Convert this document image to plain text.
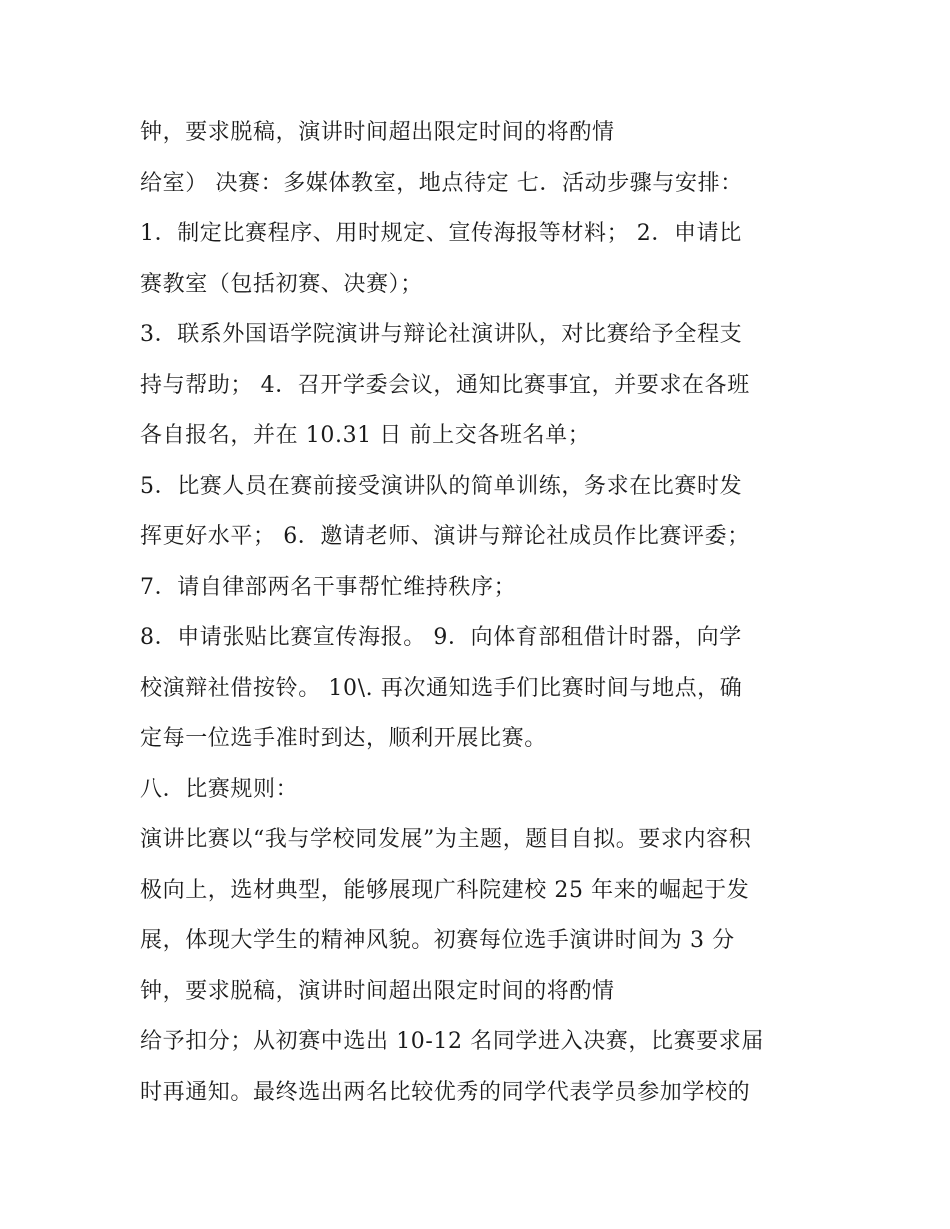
钟，要求脱稿，演讲时间超出限定时间的将酌情
给室） 决赛：多媒体教室，地点待定 七．活动步骤与安排：
1．制定比赛程序、用时规定、宣传海报等材料； 2．申请比
赛教室（包括初赛、决赛）；
3．联系外国语学院演讲与辩论社演讲队，对比赛给予全程支
持与帮助； 4．召开学委会议，通知比赛事宜，并要求在各班
各自报名，并在 10.31 日 前上交各班名单；
5．比赛人员在赛前接受演讲队的简单训练，务求在比赛时发
挥更好水平； 6．邀请老师、演讲与辩论社成员作比赛评委；
7．请自律部两名干事帮忙维持秩序；
8．申请张贴比赛宣传海报。 9．向体育部租借计时器，向学
校演辩社借按铃。 10\. 再次通知选手们比赛时间与地点，确
定每一位选手准时到达，顺利开展比赛。
八．比赛规则：
演讲比赛以“我与学校同发展”为主题，题目自拟。要求内容积
极向上，选材典型，能够展现广科院建校 25 年来的崛起于发
展，体现大学生的精神风貌。初赛每位选手演讲时间为 3 分
钟，要求脱稿，演讲时间超出限定时间的将酌情
给予扣分；从初赛中选出 10-12 名同学进入决赛，比赛要求届
时再通知。最终选出两名比较优秀的同学代表学员参加学校的
